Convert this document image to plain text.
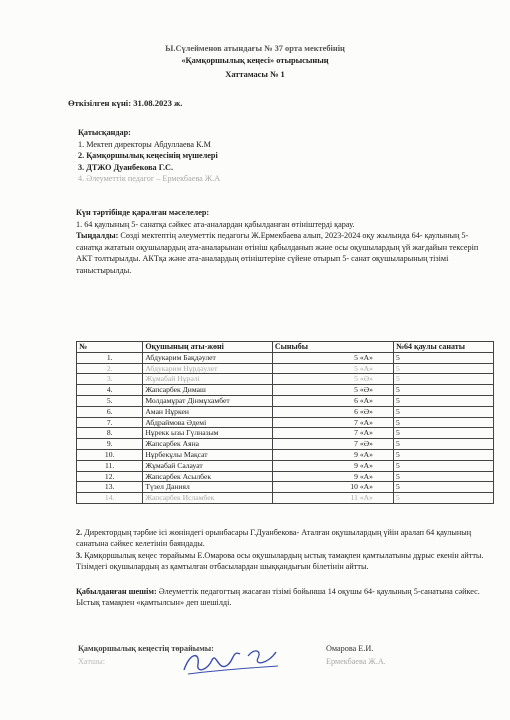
Ы.Сүлейменов атындағы № 37 орта мектебінің
«Қамқоршылық кеңесі» отырысының
Хаттамасы № 1
Өткізілген күні: 31.08.2023 ж.
Қатысқандар:
1. Мектеп директоры Абдуллаева К.М
2. Қамқоршылық кеңесінің мүшелері
3. ДТЖО Дуанбекова Г.С.
4. Әлеуметтік педагог – Ермекбаева Ж.А
Күн тәртібінде қаралған мәселелер:
1. 64 қаулының 5- санатқа сәйкес ата-аналардан қабылданған өтініштерді қарау.
Тыңдалды: Сөзді мектептің әлеуметтік педагогы Ж.Ермекбаева алып, 2023-2024 оқу жылында 64- қаулының 5- санатқа жататын оқушылардың ата-аналарынан өтініш қабылданып және осы оқушылардың үй жағдайын тексеріп АКТ толтырылды. АКТқа және ата-аналардың өтініштеріне сүйене отырып 5- санат оқушыларының тізімі таныстырылды.
№	Оқушының аты-жөні	Сыныбы	№64 қаулы санаты
1.	Абдукарим Бақдәулет	5 «А»	5
2.	Абдукарим Нұрдәулет	5 «А»	5
3.	Жұмабай Нұрәлі	5 «Ә»	5
4.	Жапсарбек Димаш	5 «Ә»	5
5.	Молдамұрат Дінмұхамбет	6 «А»	5
6.	Аман Нұркен	6 «Ә»	5
7.	Абдраймова Әдемі	7 «А»	5
8.	Нұрекк ызы Гүлназым	7 «А»	5
9.	Жапсарбек Аяна	7 «Ә»	5
10.	Нұрбекұлы Мақсат	9 «А»	5
11.	Жұмабай Салауат	9 «А»	5
12.	Жапсарбек Асылбек	9 «А»	5
13.	Түзел Даниял	10 «А»	5
14.	Жапсарбек Исламбек	11 «А»	5
2. Директордың тәрбие ісі жөніндегі орынбасары Г.Дуанбекова- Аталған оқушылардың үйін аралап 64 қаулының санатына сәйкес келетінін баяндады.
3. Қамқоршылық кеңес төрайымы Е.Омарова осы оқушылардың ыстық тамақпен қамтылатыны дұрыс екенін айтты. Тізімдегі оқушылардың аз қамтылған отбасылардан шыққандығын білетінін айтты.
Қабылданған шешім: Әлеуметтік педагогтың жасаған тізімі бойынша 14 оқушы 64- қаулының 5-санатына сәйкес. Ыстық тамақпен «қамтылсын» деп шешілді.
Қамқоршылық кеңестің төрайымы:
Хатшы:
Омарова Е.И.
Ермекбаева Ж.А.
